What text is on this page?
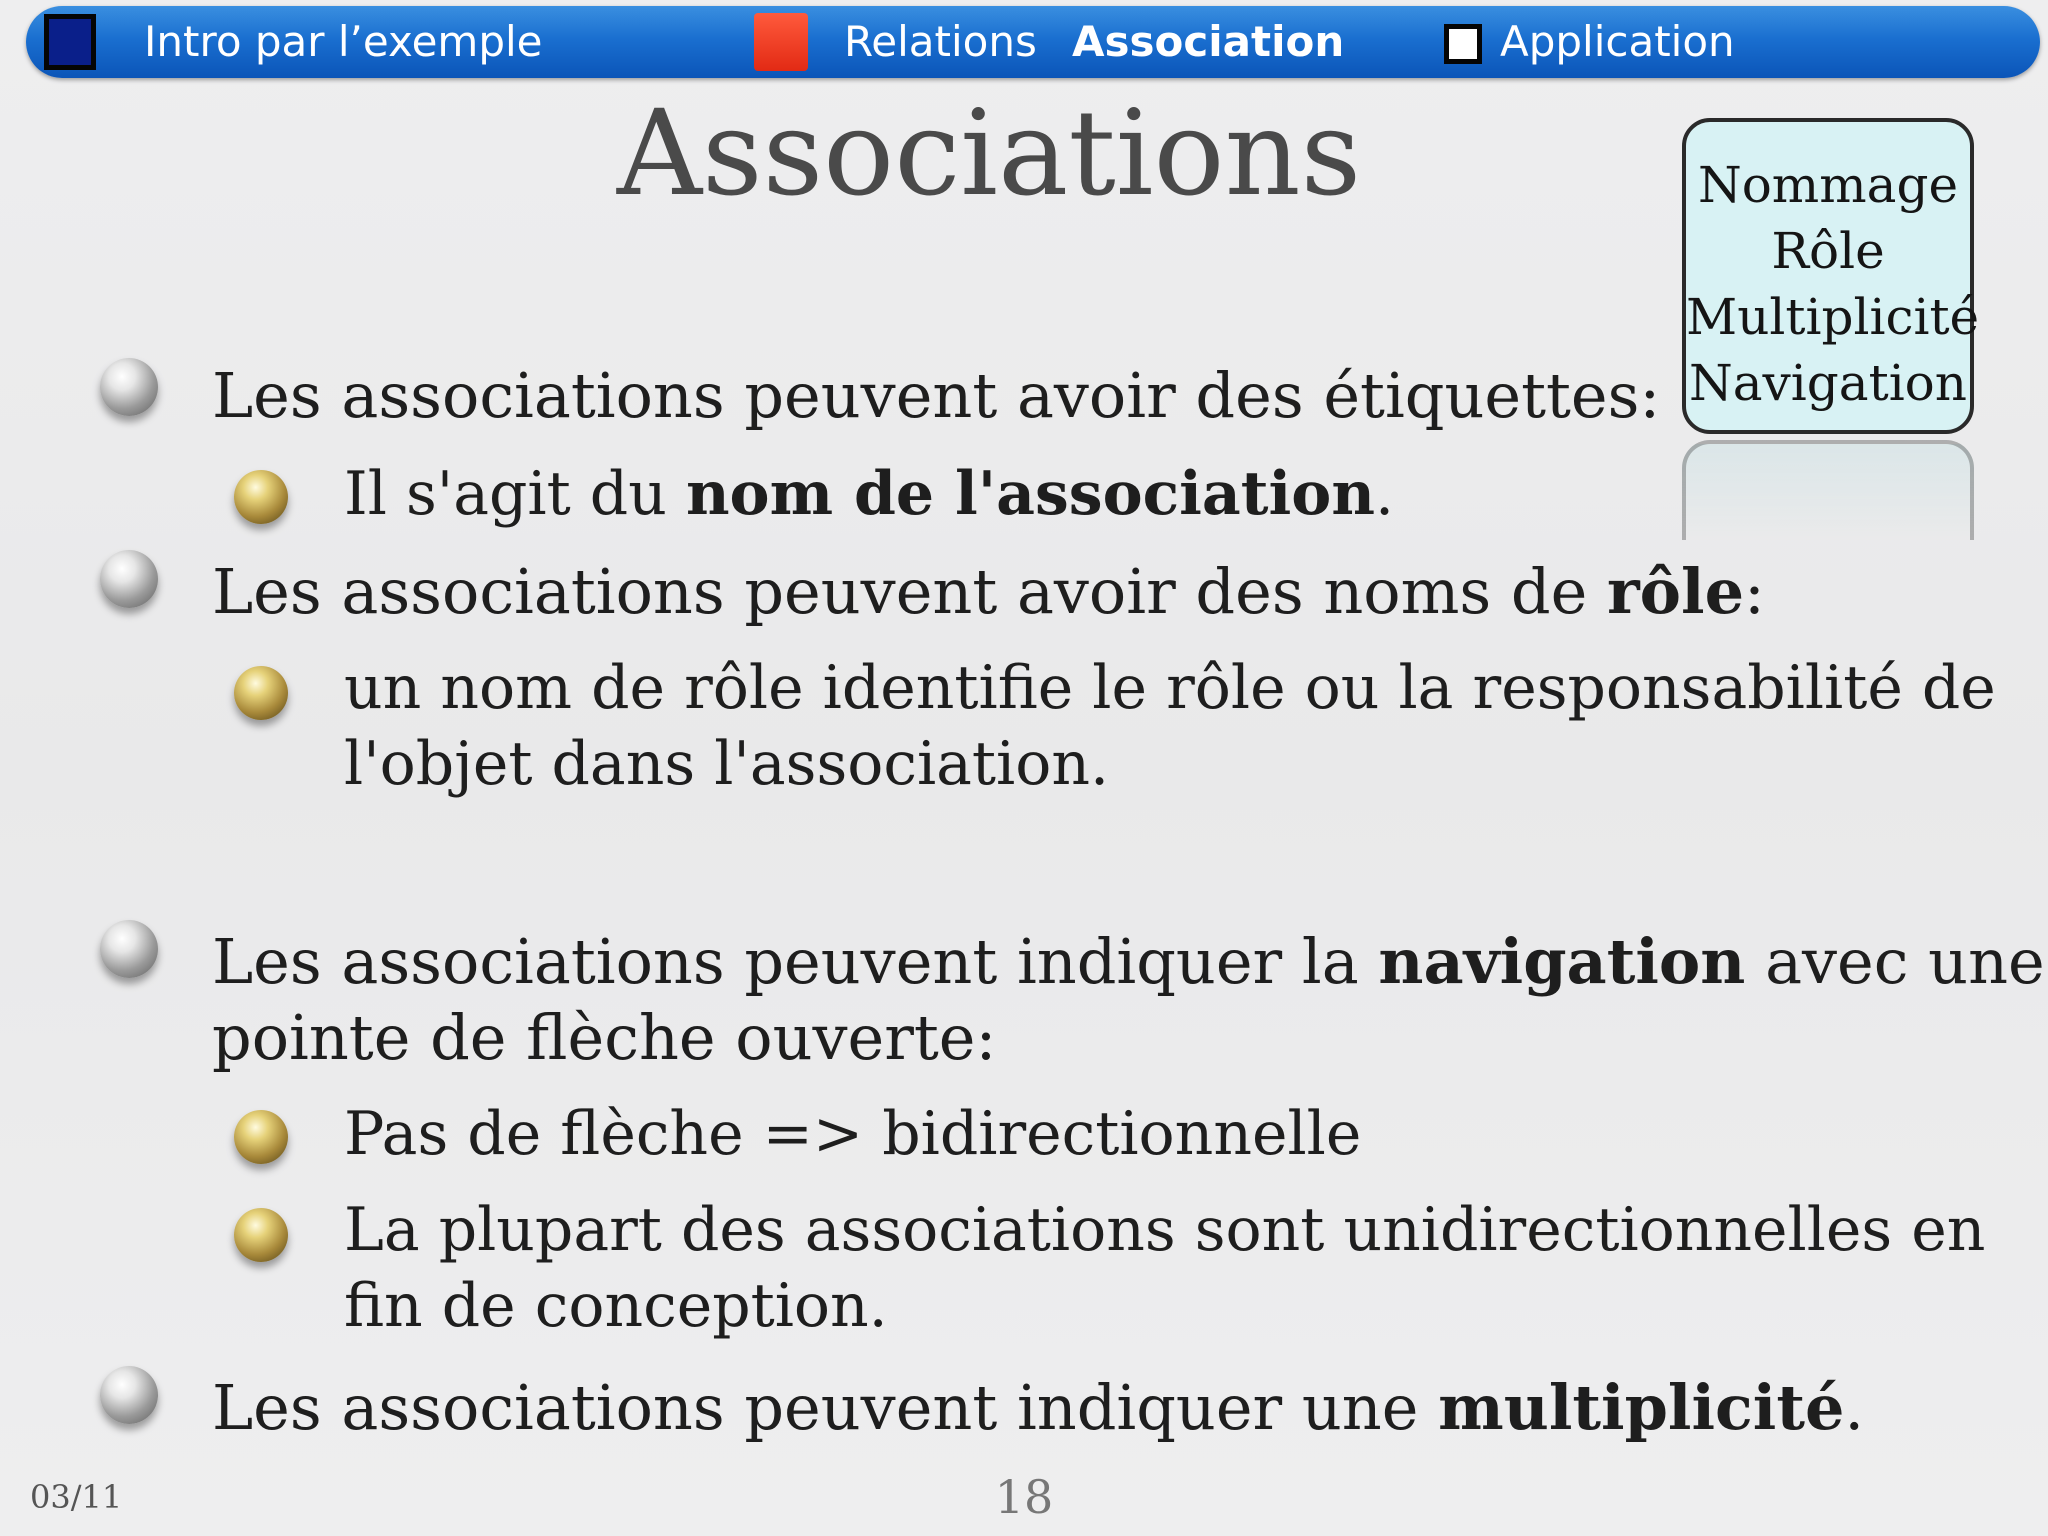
Intro par l’exemple	Relations Association	Application
Associations	Nommage
Rôle
Multiplicité
Navigation
Les associations peuvent avoir des étiquettes:
Il s'agit du nom de l'association.
Les associations peuvent avoir des noms de rôle:
un nom de rôle identifie le rôle ou la responsabilité de
l'objet dans l'association.
Les associations peuvent indiquer la navigation avec une
pointe de flèche ouverte:
Pas de flèche => bidirectionnelle
La plupart des associations sont unidirectionnelles en
fin de conception.
Les associations peuvent indiquer une multiplicité.
03/11	18
